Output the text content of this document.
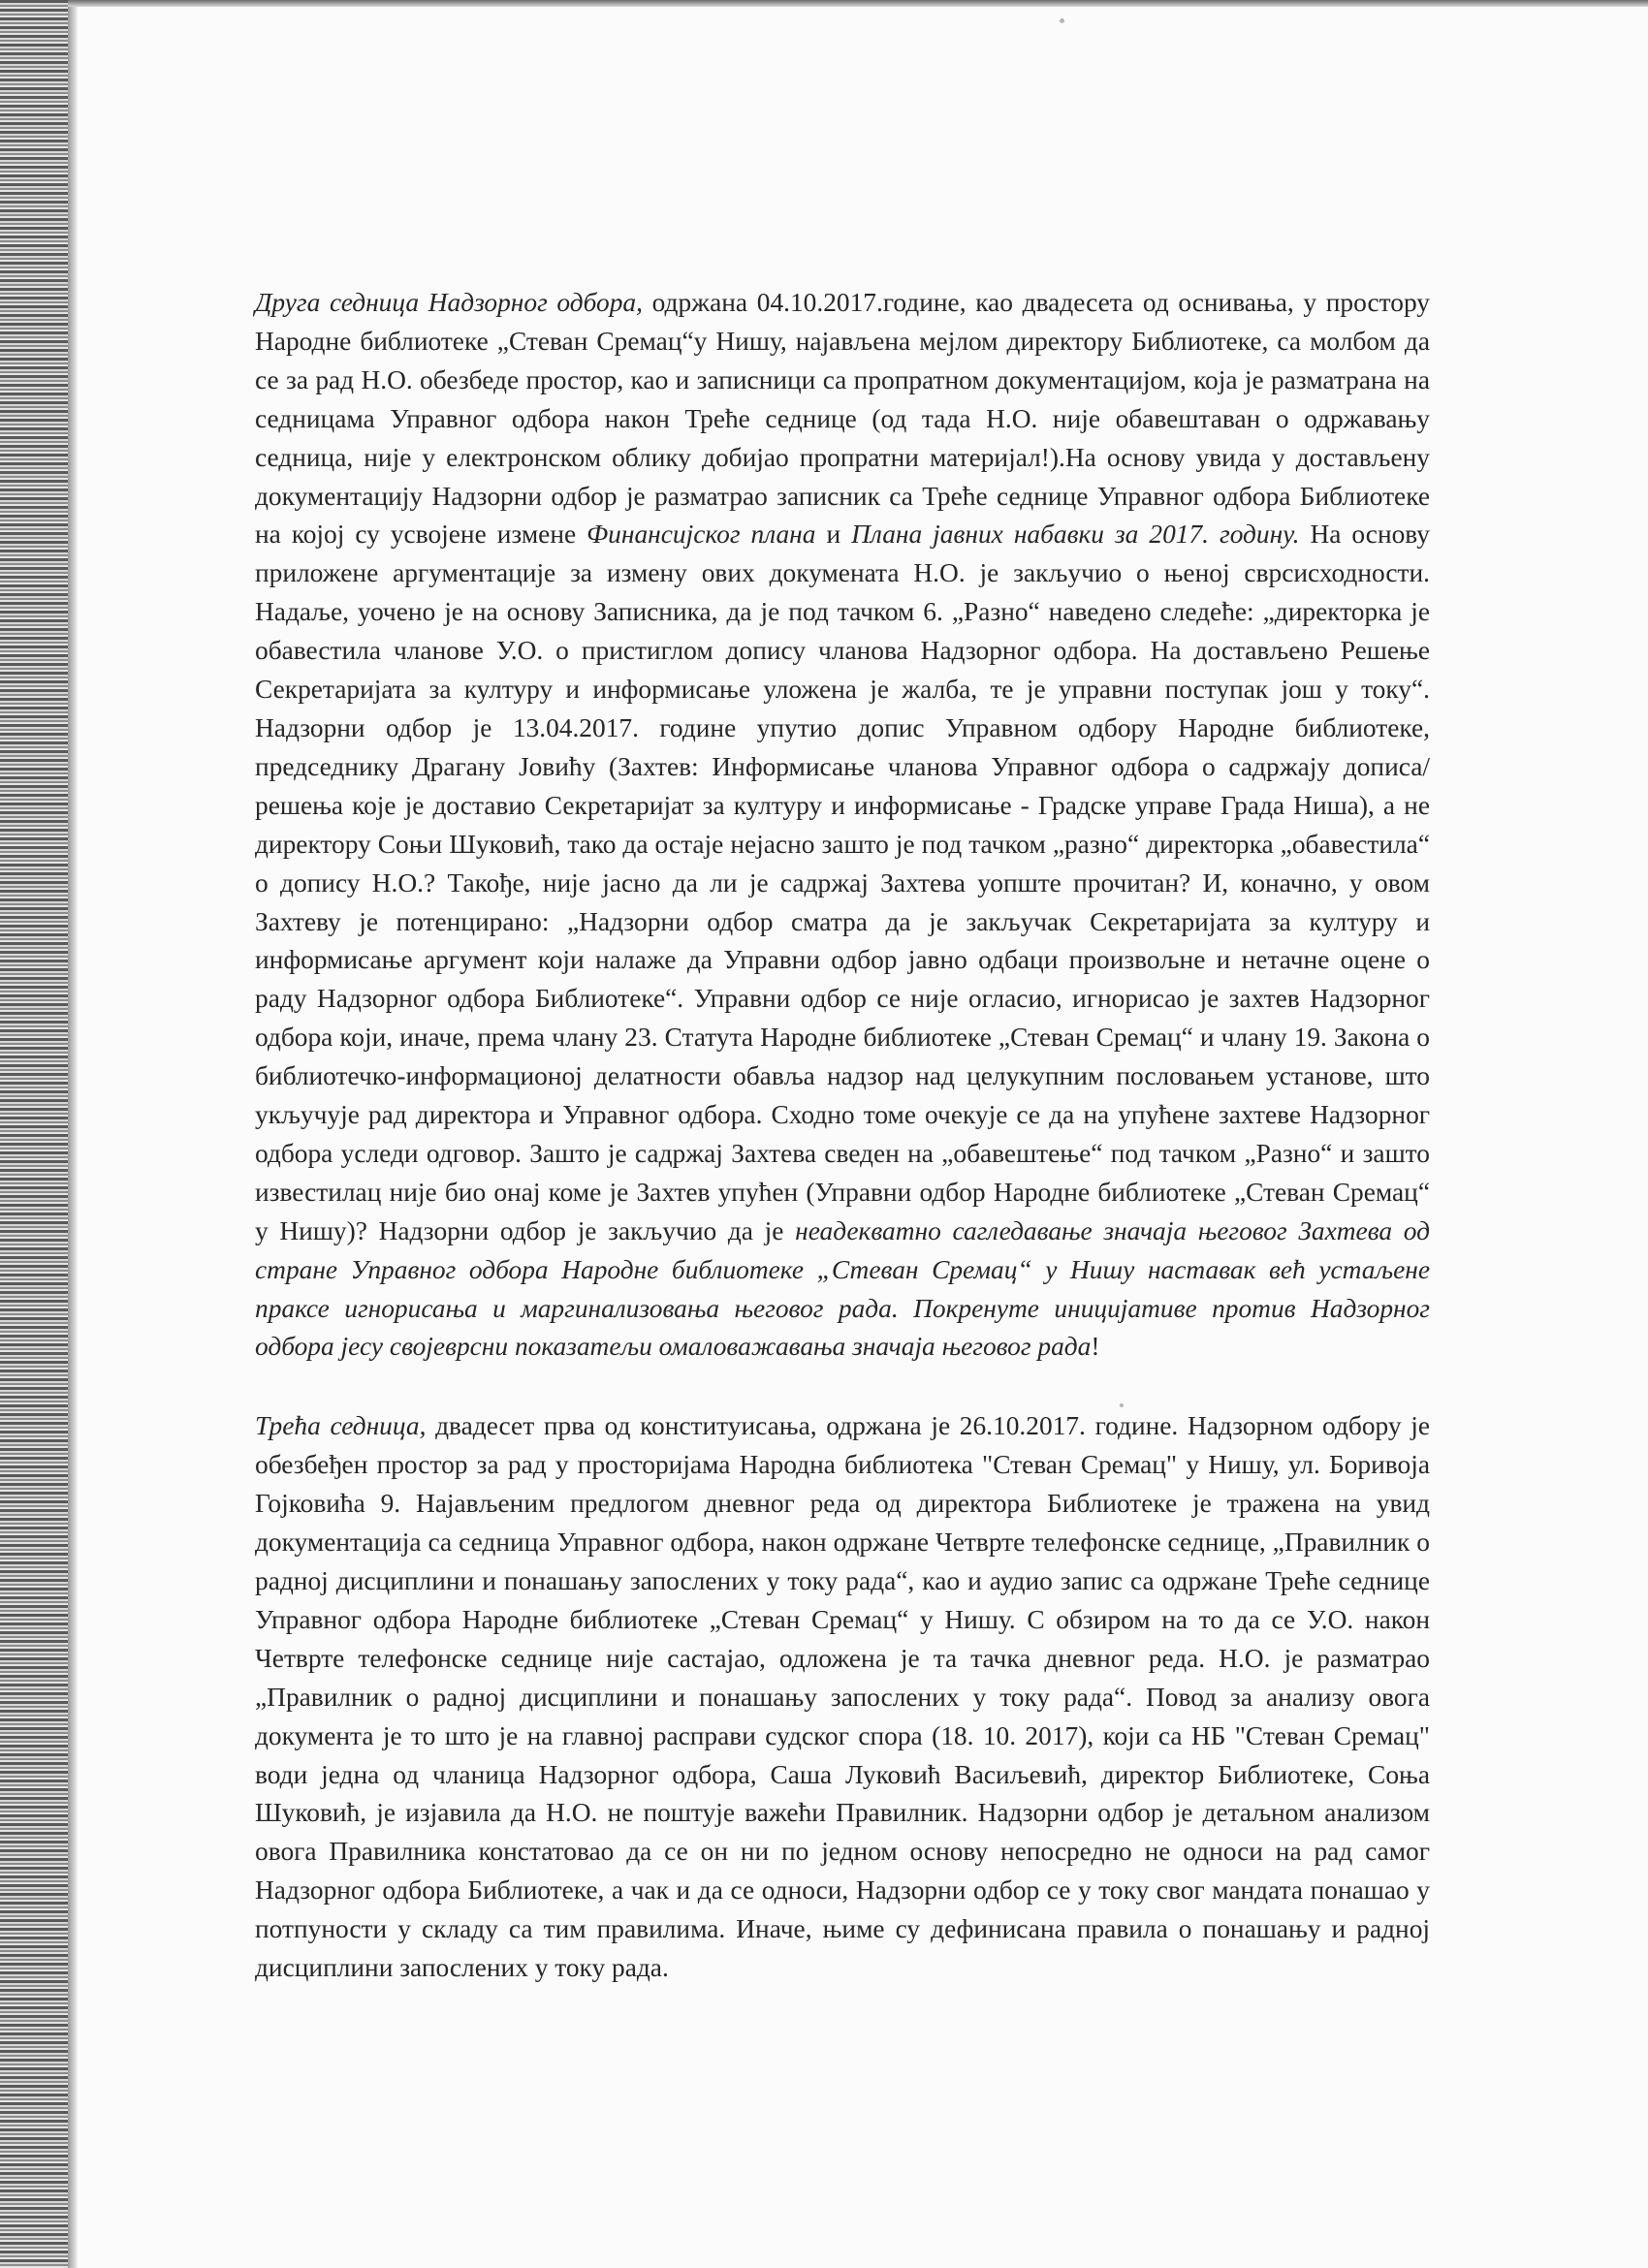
Друга седница Надзорног одбора, одржана 04.10.2017.године, као двадесета од оснивања, у простору Народне библиотеке „Стеван Сремац“у Нишу, најављена мејлом директору Библиотеке, са молбом да се за рад Н.О. обезбеде простор, као и записници са пропратном документацијом, која је разматрана на седницама Управног одбора након Треће седнице (од тада Н.О. није обавештаван о одржавању седница, није у електронском облику добијао пропратни материјал!).На основу увида у достављену документацију Надзорни одбор је разматрао записник са Треће седнице Управног одбора Библиотеке на којој су усвојене измене Финансијског плана и Плана јавних набавки за 2017. годину. На основу приложене аргументације за измену ових докумената Н.О. је закључио о њеној сврсисходности. Надаље, уочено је на основу Записника, да је под тачком 6. „Разно“ наведено следеће: „директорка је обавестила чланове У.О. о пристиглом допису чланова Надзорног одбора. На достављено Решење Секретаријата за културу и информисање уложена је жалба, те је управни поступак још у току“. Надзорни одбор је 13.04.2017. године упутио допис Управном одбору Народне библиотеке, председнику Драгану Јовићу (Захтев: Информисање чланова Управног одбора о садржају дописа/решења које је доставио Секретаријат за културу и информисање - Градске управе Града Ниша), а не директору Соњи Шуковић, тако да остаје нејасно зашто је под тачком „разно“ директорка „обавестила“ о допису Н.О.? Такође, није јасно да ли је садржај Захтева уопште прочитан? И, коначно, у овом Захтеву је потенцирано: „Надзорни одбор сматра да је закључак Секретаријата за културу и информисање аргумент који налаже да Управни одбор јавно одбаци произвољне и нетачне оцене о раду Надзорног одбора Библиотеке“. Управни одбор се није огласио, игнорисао је захтев Надзорног одбора који, иначе, према члану 23. Статута Народне библиотеке „Стеван Сремац“ и члану 19. Закона о библиотечко-информационој делатности обавља надзор над целукупним пословањем установе, што укључује рад директора и Управног одбора. Сходно томе очекује се да на упућене захтеве Надзорног одбора уследи одговор. Зашто је садржај Захтева сведен на „обавештење“ под тачком „Разно“ и зашто известилац није био онај коме је Захтев упућен (Управни одбор Народне библиотеке „Стеван Сремац“ у Нишу)? Надзорни одбор је закључио да је неадекватно сагледавање значаја његовог Захтева од стране Управног одбора Народне библиотеке „Стеван Сремац“ у Нишу наставак већ устаљене праксе игнорисања и маргинализовања његовог рада. Покренуте иницијативе против Надзорног одбора јесу својеврсни показатељи омаловажавања значаја његовог рада!

Трећа седница, двадесет прва од конституисања, одржана је 26.10.2017. године. Надзорном одбору је обезбеђен простор за рад у просторијама Народна библиотека "Стеван Сремац" у Нишу, ул. Боривоја Гојковића 9. Најављеним предлогом дневног реда од директора Библиотеке је тражена на увид документација са седница Управног одбора, након одржане Четврте телефонске седнице, „Правилник о радној дисциплини и понашању запослених у току рада“, као и аудио запис са одржане Треће седнице Управног одбора Народне библиотеке „Стеван Сремац“ у Нишу. С обзиром на то да се У.О. након Четврте телефонске седнице није састајао, одложена је та тачка дневног реда. Н.О. је разматрао „Правилник о радној дисциплини и понашању запослених у току рада“. Повод за анализу овога документа је то што је на главној расправи судског спора (18. 10. 2017), који са НБ "Стеван Сремац" води једна од чланица Надзорног одбора, Саша Луковић Васиљевић, директор Библиотеке, Соња Шуковић, је изјавила да Н.О. не поштује важећи Правилник. Надзорни одбор је детаљном анализом овога Правилника констатовао да се он ни по једном основу непосредно не односи на рад самог Надзорног одбора Библиотеке, а чак и да се односи, Надзорни одбор се у току свог мандата понашао у потпуности у складу са тим правилима. Иначе, њиме су дефинисана правила о понашању и радној дисциплини запослених у току рада.
